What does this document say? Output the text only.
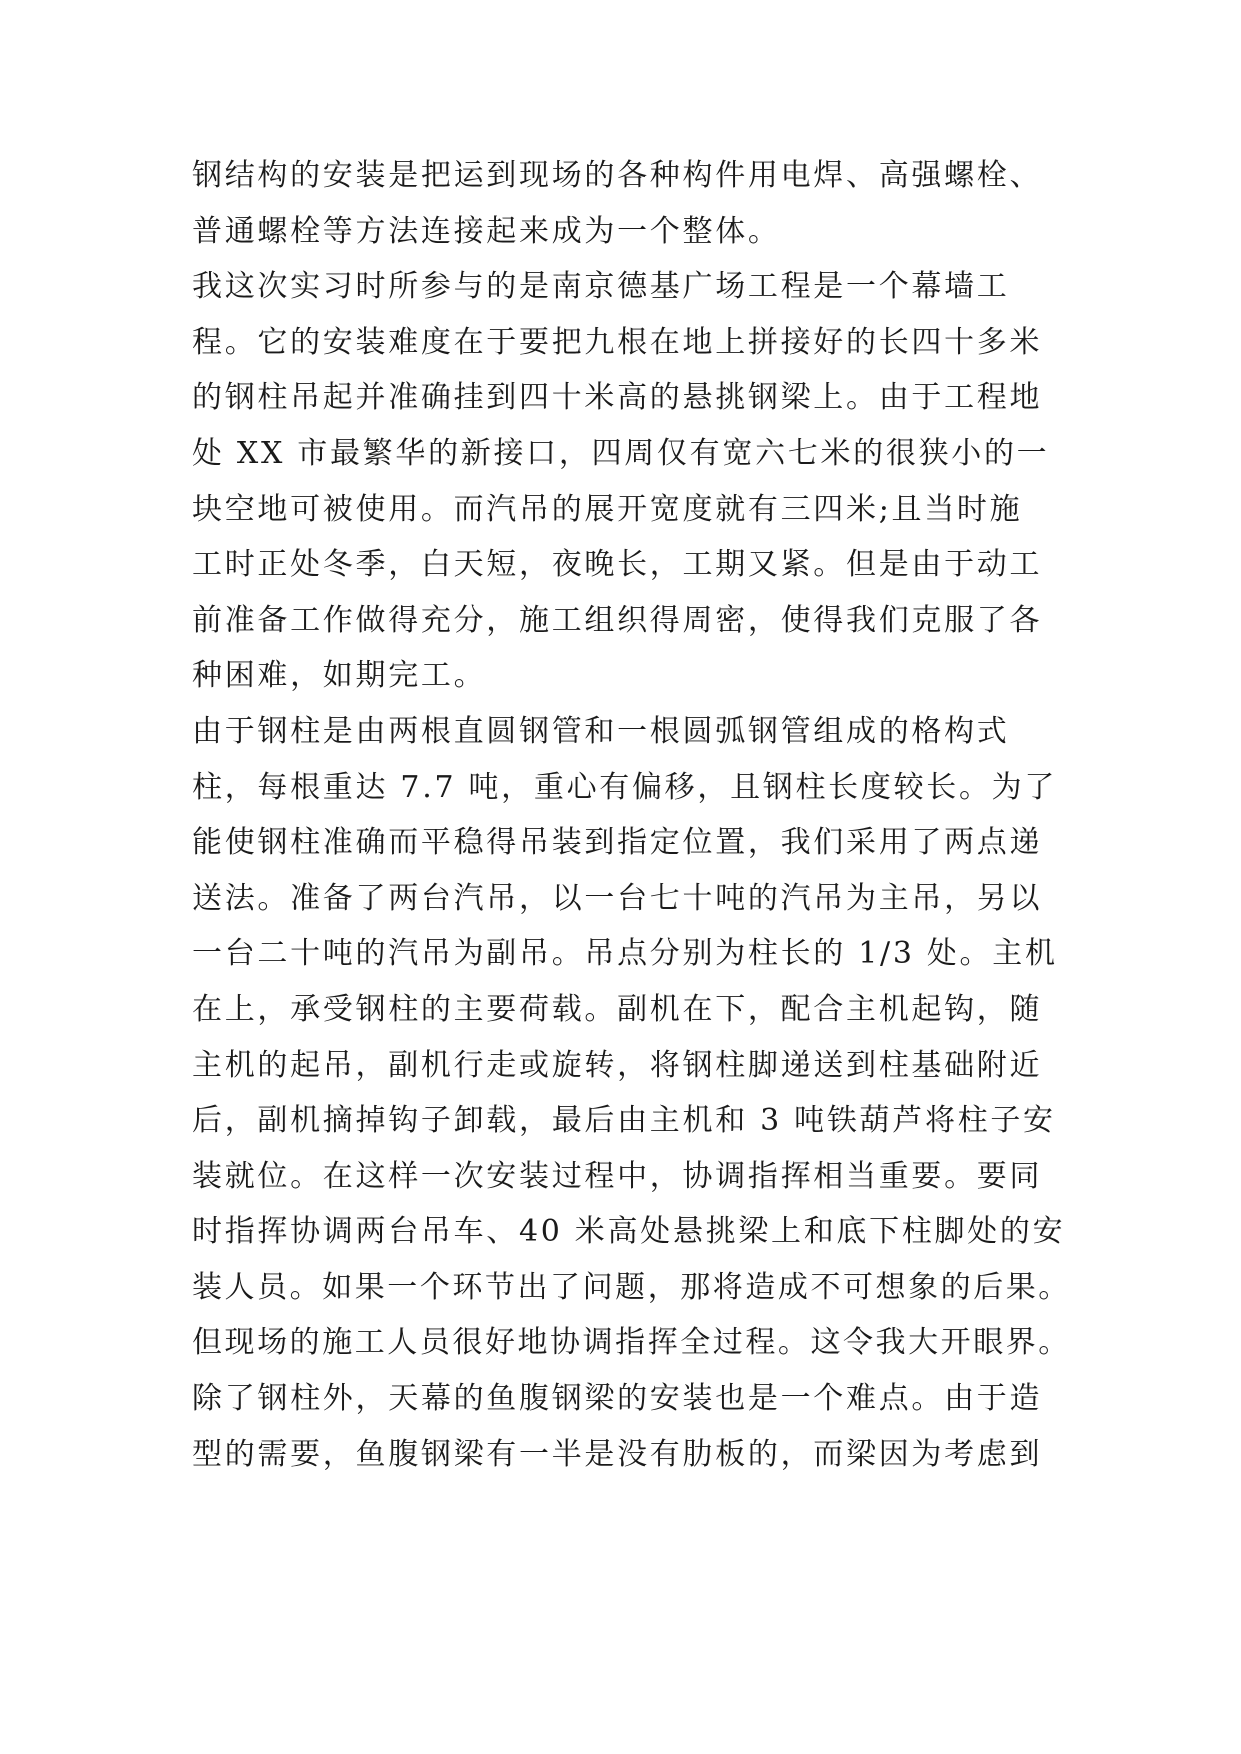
钢结构的安装是把运到现场的各种构件用电焊、高强螺栓、
普通螺栓等方法连接起来成为一个整体。
我这次实习时所参与的是南京德基广场工程是一个幕墙工
程。它的安装难度在于要把九根在地上拼接好的长四十多米
的钢柱吊起并准确挂到四十米高的悬挑钢梁上。由于工程地
处 XX 市最繁华的新接口，四周仅有宽六七米的很狭小的一
块空地可被使用。而汽吊的展开宽度就有三四米;且当时施
工时正处冬季，白天短，夜晚长，工期又紧。但是由于动工
前准备工作做得充分，施工组织得周密，使得我们克服了各
种困难，如期完工。
由于钢柱是由两根直圆钢管和一根圆弧钢管组成的格构式
柱，每根重达 7.7 吨，重心有偏移，且钢柱长度较长。为了
能使钢柱准确而平稳得吊装到指定位置，我们采用了两点递
送法。准备了两台汽吊，以一台七十吨的汽吊为主吊，另以
一台二十吨的汽吊为副吊。吊点分别为柱长的 1/3 处。主机
在上，承受钢柱的主要荷载。副机在下，配合主机起钩，随
主机的起吊，副机行走或旋转，将钢柱脚递送到柱基础附近
后，副机摘掉钩子卸载，最后由主机和 3 吨铁葫芦将柱子安
装就位。在这样一次安装过程中，协调指挥相当重要。要同
时指挥协调两台吊车、40 米高处悬挑梁上和底下柱脚处的安
装人员。如果一个环节出了问题，那将造成不可想象的后果。
但现场的施工人员很好地协调指挥全过程。这令我大开眼界。
除了钢柱外，天幕的鱼腹钢梁的安装也是一个难点。由于造
型的需要，鱼腹钢梁有一半是没有肋板的，而梁因为考虑到
